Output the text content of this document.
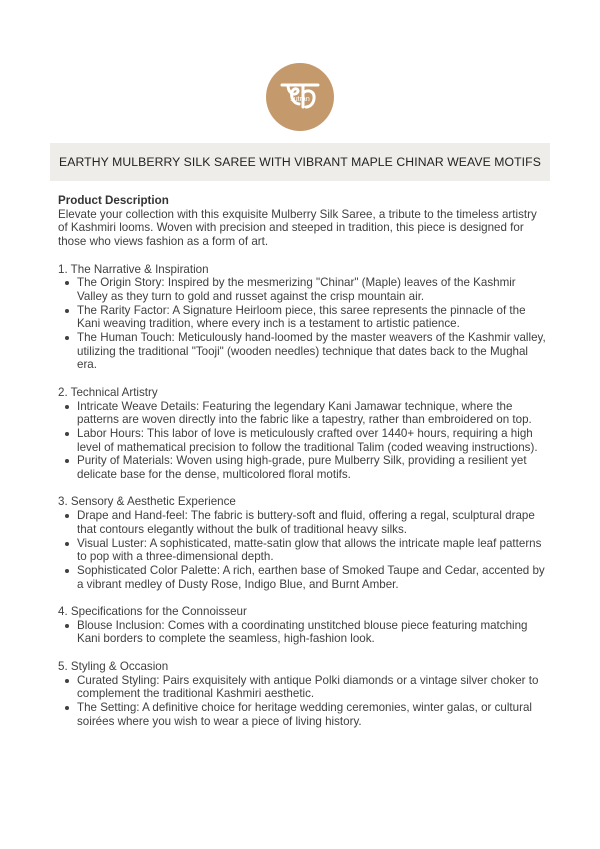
sutran
EARTHY MULBERRY SILK SAREE WITH VIBRANT MAPLE CHINAR WEAVE MOTIFS
Product Description
Elevate your collection with this exquisite Mulberry Silk Saree, a tribute to the timeless artistry of Kashmiri looms. Woven with precision and steeped in tradition, this piece is designed for those who views fashion as a form of art.
1. The Narrative & Inspiration
The Origin Story: Inspired by the mesmerizing "Chinar" (Maple) leaves of the Kashmir Valley as they turn to gold and russet against the crisp mountain air.
The Rarity Factor: A Signature Heirloom piece, this saree represents the pinnacle of the Kani weaving tradition, where every inch is a testament to artistic patience.
The Human Touch: Meticulously hand-loomed by the master weavers of the Kashmir valley, utilizing the traditional "Tooji" (wooden needles) technique that dates back to the Mughal era.
2. Technical Artistry
Intricate Weave Details: Featuring the legendary Kani Jamawar technique, where the patterns are woven directly into the fabric like a tapestry, rather than embroidered on top.
Labor Hours: This labor of love is meticulously crafted over 1440+ hours, requiring a high level of mathematical precision to follow the traditional Talim (coded weaving instructions).
Purity of Materials: Woven using high-grade, pure Mulberry Silk, providing a resilient yet delicate base for the dense, multicolored floral motifs.
3. Sensory & Aesthetic Experience
Drape and Hand-feel: The fabric is buttery-soft and fluid, offering a regal, sculptural drape that contours elegantly without the bulk of traditional heavy silks.
Visual Luster: A sophisticated, matte-satin glow that allows the intricate maple leaf patterns to pop with a three-dimensional depth.
Sophisticated Color Palette: A rich, earthen base of Smoked Taupe and Cedar, accented by a vibrant medley of Dusty Rose, Indigo Blue, and Burnt Amber.
4. Specifications for the Connoisseur
Blouse Inclusion: Comes with a coordinating unstitched blouse piece featuring matching Kani borders to complete the seamless, high-fashion look.
5. Styling & Occasion
Curated Styling: Pairs exquisitely with antique Polki diamonds or a vintage silver choker to complement the traditional Kashmiri aesthetic.
The Setting: A definitive choice for heritage wedding ceremonies, winter galas, or cultural soirées where you wish to wear a piece of living history.
